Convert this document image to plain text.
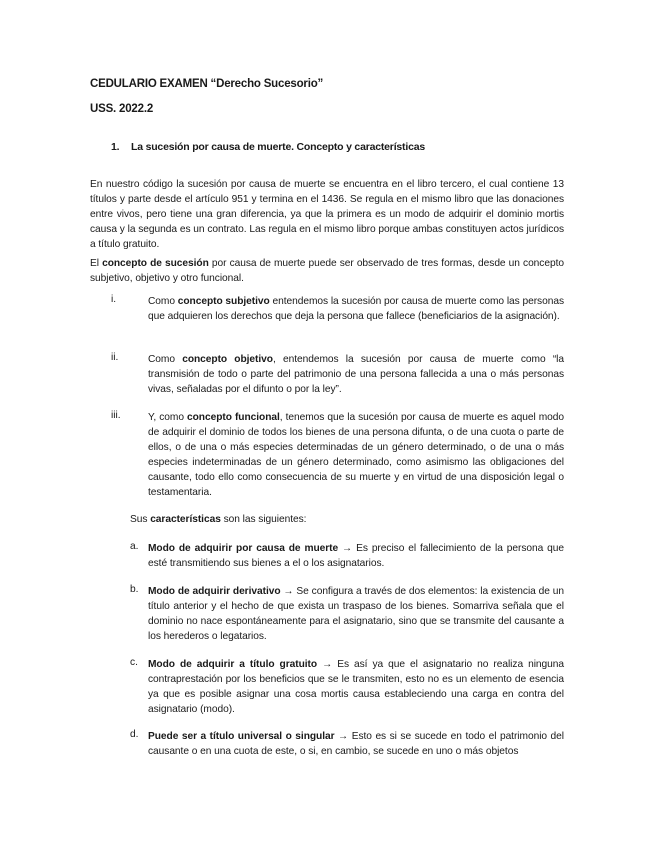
CEDULARIO EXAMEN “Derecho Sucesorio”
USS. 2022.2
1. La sucesión por causa de muerte. Concepto y características
En nuestro código la sucesión por causa de muerte se encuentra en el libro tercero, el cual contiene 13 títulos y parte desde el artículo 951 y termina en el 1436. Se regula en el mismo libro que las donaciones entre vivos, pero tiene una gran diferencia, ya que la primera es un modo de adquirir el dominio mortis causa y la segunda es un contrato. Las regula en el mismo libro porque ambas constituyen actos jurídicos a título gratuito.
El concepto de sucesión por causa de muerte puede ser observado de tres formas, desde un concepto subjetivo, objetivo y otro funcional.
i.	Como concepto subjetivo entendemos la sucesión por causa de muerte como las personas que adquieren los derechos que deja la persona que fallece (beneficiarios de la asignación).
ii.	Como concepto objetivo, entendemos la sucesión por causa de muerte como “la transmisión de todo o parte del patrimonio de una persona fallecida a una o más personas vivas, señaladas por el difunto o por la ley”.
iii.	Y, como concepto funcional, tenemos que la sucesión por causa de muerte es aquel modo de adquirir el dominio de todos los bienes de una persona difunta, o de una cuota o parte de ellos, o de una o más especies determinadas de un género determinado, o de una o más especies indeterminadas de un género determinado, como asimismo las obligaciones del causante, todo ello como consecuencia de su muerte y en virtud de una disposición legal o testamentaria.
Sus características son las siguientes:
a. Modo de adquirir por causa de muerte → Es preciso el fallecimiento de la persona que esté transmitiendo sus bienes a el o los asignatarios.
b. Modo de adquirir derivativo → Se configura a través de dos elementos: la existencia de un título anterior y el hecho de que exista un traspaso de los bienes. Somarriva señala que el dominio no nace espontáneamente para el asignatario, sino que se transmite del causante a los herederos o legatarios.
c. Modo de adquirir a título gratuito → Es así ya que el asignatario no realiza ninguna contraprestación por los beneficios que se le transmiten, esto no es un elemento de esencia ya que es posible asignar una cosa mortis causa estableciendo una carga en contra del asignatario (modo).
d. Puede ser a título universal o singular → Esto es si se sucede en todo el patrimonio del causante o en una cuota de este, o si, en cambio, se sucede en uno o más objetos
